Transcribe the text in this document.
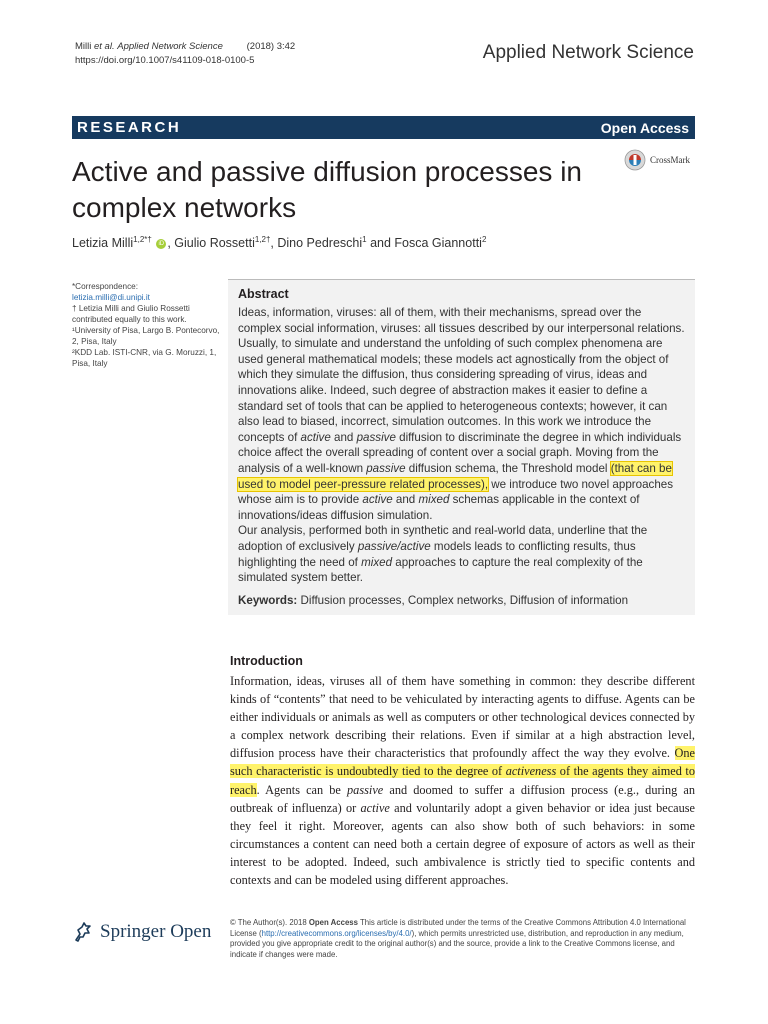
Milli et al. Applied Network Science	(2018) 3:42
https://doi.org/10.1007/s41109-018-0100-5	Applied Network Science
RESEARCH	Open Access
Active and passive diffusion processes in complex networks
CrossMark
Letizia Milli$^{1,2*\dagger}$ iD , Giulio Rossetti$^{1,2\dagger}$, Dino Pedreschi$^1$ and Fosca Giannotti$^2$
*Correspondence:
letizia.milli@di.unipi.it
† Letizia Milli and Giulio Rossetti contributed equally to this work.
¹University of Pisa, Largo B. Pontecorvo, 2, Pisa, Italy
²KDD Lab. ISTI-CNR, via G. Moruzzi, 1, Pisa, Italy
Abstract
Ideas, information, viruses: all of them, with their mechanisms, spread over the complex social information, viruses: all tissues described by our interpersonal relations. Usually, to simulate and understand the unfolding of such complex phenomena are used general mathematical models; these models act agnostically from the object of which they simulate the diffusion, thus considering spreading of virus, ideas and innovations alike. Indeed, such degree of abstraction makes it easier to define a standard set of tools that can be applied to heterogeneous contexts; however, it can also lead to biased, incorrect, simulation outcomes. In this work we introduce the concepts of active and passive diffusion to discriminate the degree in which individuals choice affect the overall spreading of content over a social graph. Moving from the analysis of a well-known passive diffusion schema, the Threshold model (that can be used to model peer-pressure related processes), we introduce two novel approaches whose aim is to provide active and mixed schemas applicable in the context of innovations/ideas diffusion simulation.
Our analysis, performed both in synthetic and real-world data, underline that the adoption of exclusively passive/active models leads to conflicting results, thus highlighting the need of mixed approaches to capture the real complexity of the simulated system better.
Keywords: Diffusion processes, Complex networks, Diffusion of information
Introduction
Information, ideas, viruses all of them have something in common: they describe different kinds of “contents” that need to be vehiculated by interacting agents to diffuse. Agents can be either individuals or animals as well as computers or other technological devices connected by a complex network describing their relations. Even if similar at a high abstraction level, diffusion process have their characteristics that profoundly affect the way they evolve. One such characteristic is undoubtedly tied to the degree of activeness of the agents they aimed to reach. Agents can be passive and doomed to suffer a diffusion process (e.g., during an outbreak of influenza) or active and voluntarily adopt a given behavior or idea just because they feel it right. Moreover, agents can also show both of such behaviors: in some circumstances a content can need both a certain degree of exposure of actors as well as their interest to be adopted. Indeed, such ambivalence is strictly tied to specific contents and contexts and can be modeled using different approaches.
Springer Open © The Author(s). 2018 Open Access This article is distributed under the terms of the Creative Commons Attribution 4.0 International License (http://creativecommons.org/licenses/by/4.0/), which permits unrestricted use, distribution, and reproduction in any medium, provided you give appropriate credit to the original author(s) and the source, provide a link to the Creative Commons license, and indicate if changes were made.
